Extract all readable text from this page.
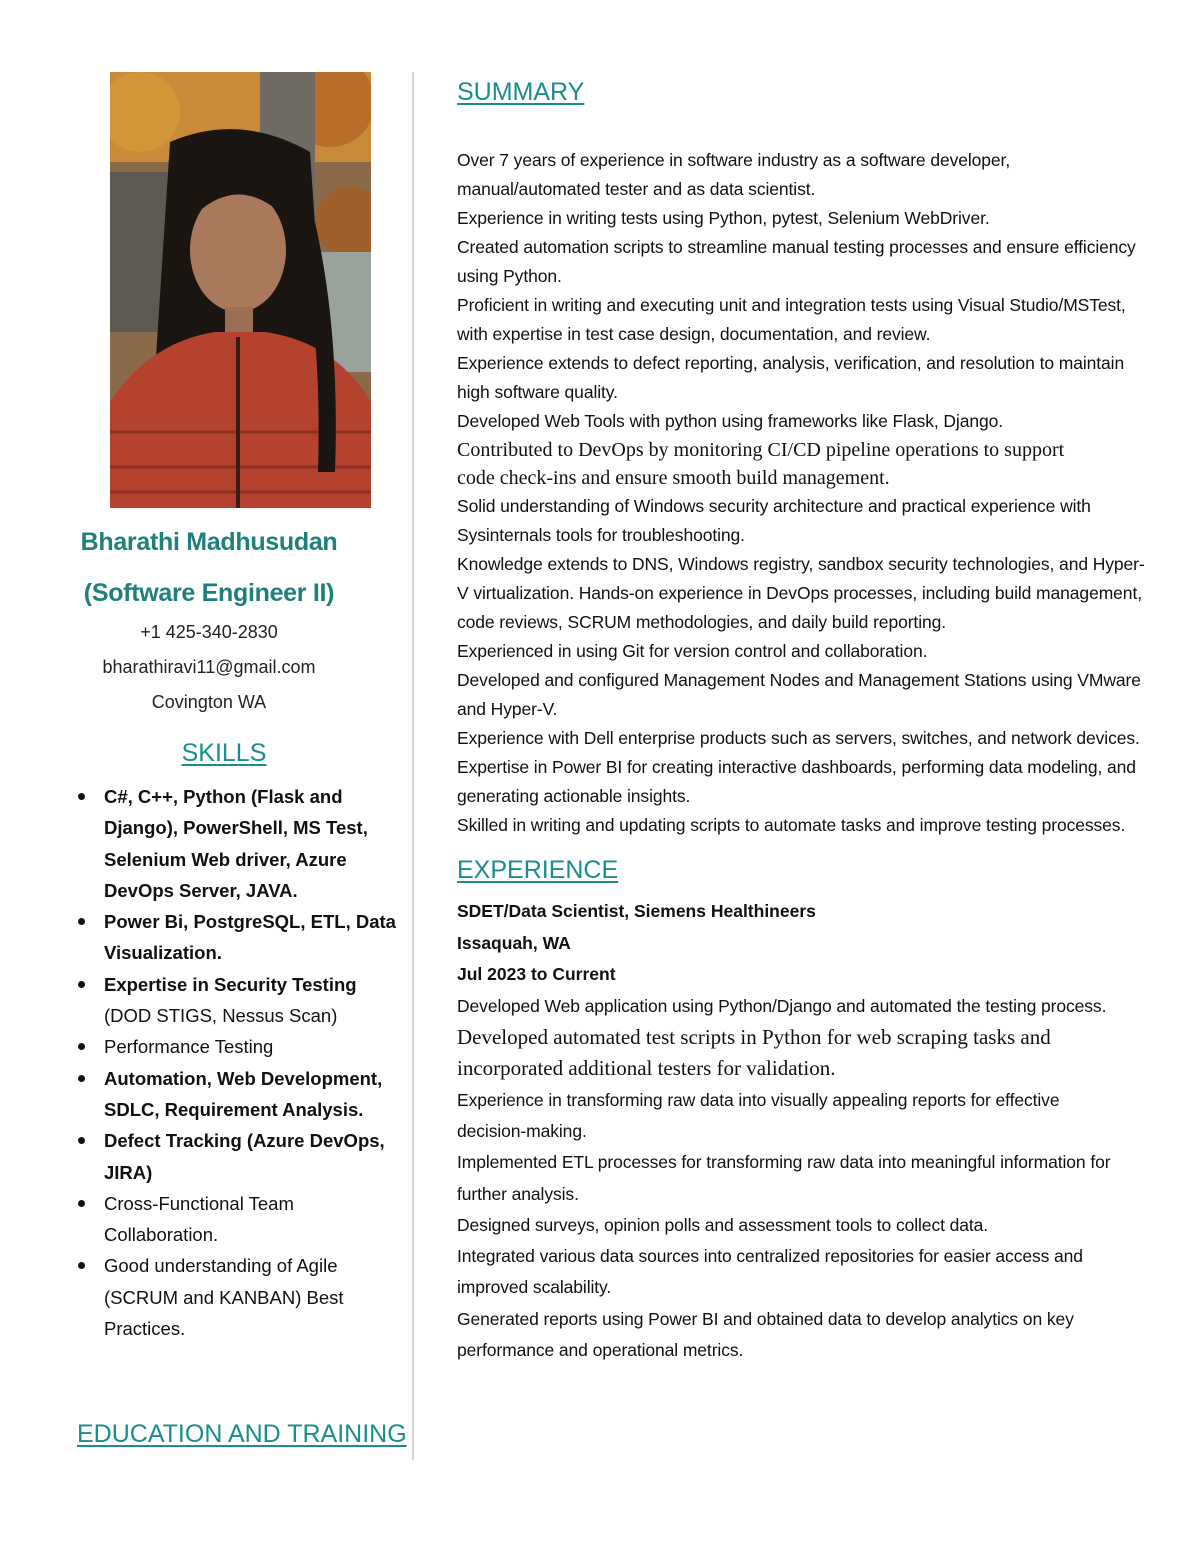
Bharathi Madhusudan
(Software Engineer II)
+1 425-340-2830
bharathiravi11@gmail.com
Covington WA
SKILLS
C#, C++, Python (Flask and Django), PowerShell, MS Test, Selenium Web driver, Azure DevOps Server, JAVA.
Power Bi, PostgreSQL, ETL, Data Visualization.
Expertise in Security Testing (DOD STIGS, Nessus Scan)
Performance Testing
Automation, Web Development, SDLC, Requirement Analysis.
Defect Tracking (Azure DevOps, JIRA)
Cross-Functional Team Collaboration.
Good understanding of Agile (SCRUM and KANBAN) Best Practices.
EDUCATION AND TRAINING
SUMMARY
Over 7 years of experience in software industry as a software developer,
manual/automated tester and as data scientist.
Experience in writing tests using Python, pytest, Selenium WebDriver.
Created automation scripts to streamline manual testing processes and ensure efficiency
using Python.
Proficient in writing and executing unit and integration tests using Visual Studio/MSTest,
with expertise in test case design, documentation, and review.
Experience extends to defect reporting, analysis, verification, and resolution to maintain
high software quality.
Developed Web Tools with python using frameworks like Flask, Django.
Contributed to DevOps by monitoring CI/CD pipeline operations to support
code check-ins and ensure smooth build management.
Solid understanding of Windows security architecture and practical experience with
Sysinternals tools for troubleshooting.
Knowledge extends to DNS, Windows registry, sandbox security technologies, and Hyper-
V virtualization. Hands-on experience in DevOps processes, including build management,
code reviews, SCRUM methodologies, and daily build reporting.
Experienced in using Git for version control and collaboration.
Developed and configured Management Nodes and Management Stations using VMware
and Hyper-V.
Experience with Dell enterprise products such as servers, switches, and network devices.
Expertise in Power BI for creating interactive dashboards, performing data modeling, and
generating actionable insights.
Skilled in writing and updating scripts to automate tasks and improve testing processes.
EXPERIENCE
SDET/Data Scientist, Siemens Healthineers
Issaquah, WA
Jul 2023 to Current
Developed Web application using Python/Django and automated the testing process.
Developed automated test scripts in Python for web scraping tasks and
incorporated additional testers for validation.
Experience in transforming raw data into visually appealing reports for effective
decision-making.
Implemented ETL processes for transforming raw data into meaningful information for
further analysis.
Designed surveys, opinion polls and assessment tools to collect data.
Integrated various data sources into centralized repositories for easier access and
improved scalability.
Generated reports using Power BI and obtained data to develop analytics on key
performance and operational metrics.
